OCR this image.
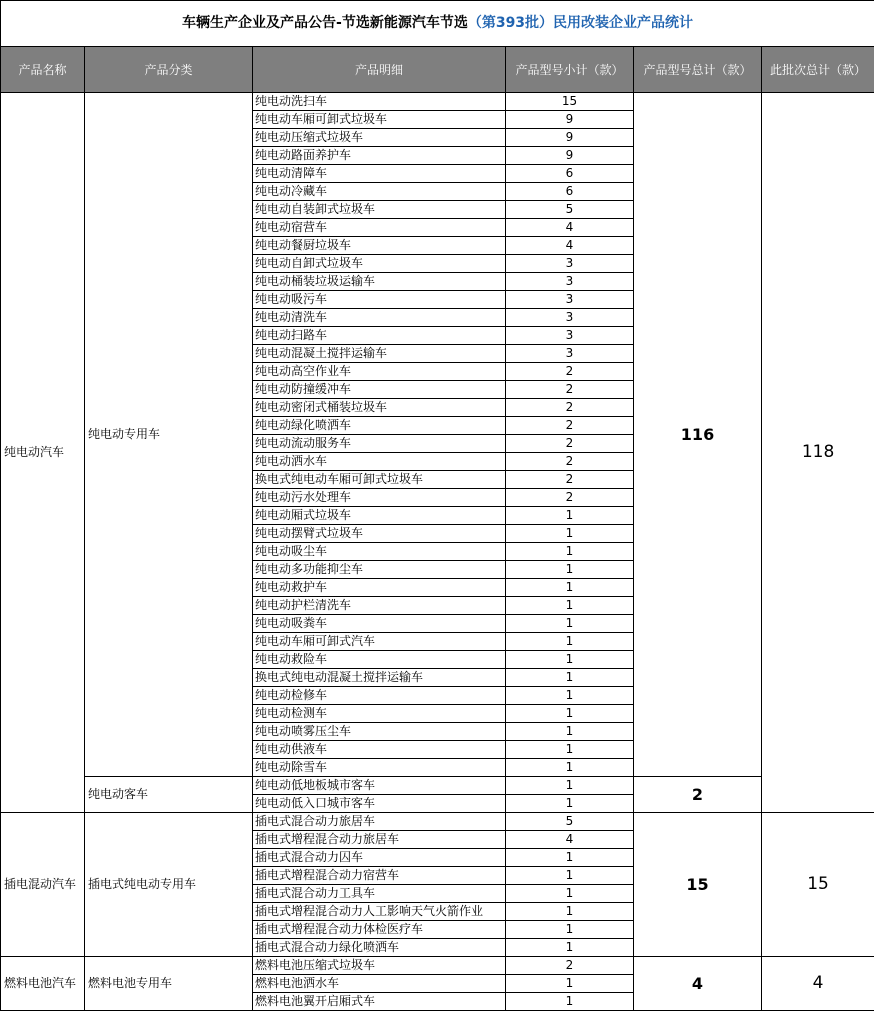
车辆生产企业及产品公告-节选新能源汽车节选（第393批）民用改装企业产品统计					
产品名称	产品分类	产品明细	产品型号小计（款）	产品型号总计（款）	此批次总计（款）
纯电动汽车	纯电动专用车	纯电动洗扫车	15	116	118
		纯电动车厢可卸式垃圾车	9		
		纯电动压缩式垃圾车	9		
		纯电动路面养护车	9		
		纯电动清障车	6		
		纯电动冷藏车	6		
		纯电动自装卸式垃圾车	5		
		纯电动宿营车	4		
		纯电动餐厨垃圾车	4		
		纯电动自卸式垃圾车	3		
		纯电动桶装垃圾运输车	3		
		纯电动吸污车	3		
		纯电动清洗车	3		
		纯电动扫路车	3		
		纯电动混凝土搅拌运输车	3		
		纯电动高空作业车	2		
		纯电动防撞缓冲车	2		
		纯电动密闭式桶装垃圾车	2		
		纯电动绿化喷洒车	2		
		纯电动流动服务车	2		
		纯电动洒水车	2		
		换电式纯电动车厢可卸式垃圾车	2		
		纯电动污水处理车	2		
		纯电动厢式垃圾车	1		
		纯电动摆臂式垃圾车	1		
		纯电动吸尘车	1		
		纯电动多功能抑尘车	1		
		纯电动救护车	1		
		纯电动护栏清洗车	1		
		纯电动吸粪车	1		
		纯电动车厢可卸式汽车	1		
		纯电动救险车	1		
		换电式纯电动混凝土搅拌运输车	1		
		纯电动检修车	1		
		纯电动检测车	1		
		纯电动喷雾压尘车	1		
		纯电动供液车	1		
		纯电动除雪车	1		
	纯电动客车	纯电动低地板城市客车	1	2	
		纯电动低入口城市客车	1		
插电混动汽车	插电式纯电动专用车	插电式混合动力旅居车	5	15	15
		插电式增程混合动力旅居车	4		
		插电式混合动力囚车	1		
		插电式增程混合动力宿营车	1		
		插电式混合动力工具车	1		
		插电式增程混合动力人工影响天气火箭作业	1		
		插电式增程混合动力体检医疗车	1		
		插电式混合动力绿化喷洒车	1		
燃料电池汽车	燃料电池专用车	燃料电池压缩式垃圾车	2	4	4
		燃料电池洒水车	1		
		燃料电池翼开启厢式车	1		
